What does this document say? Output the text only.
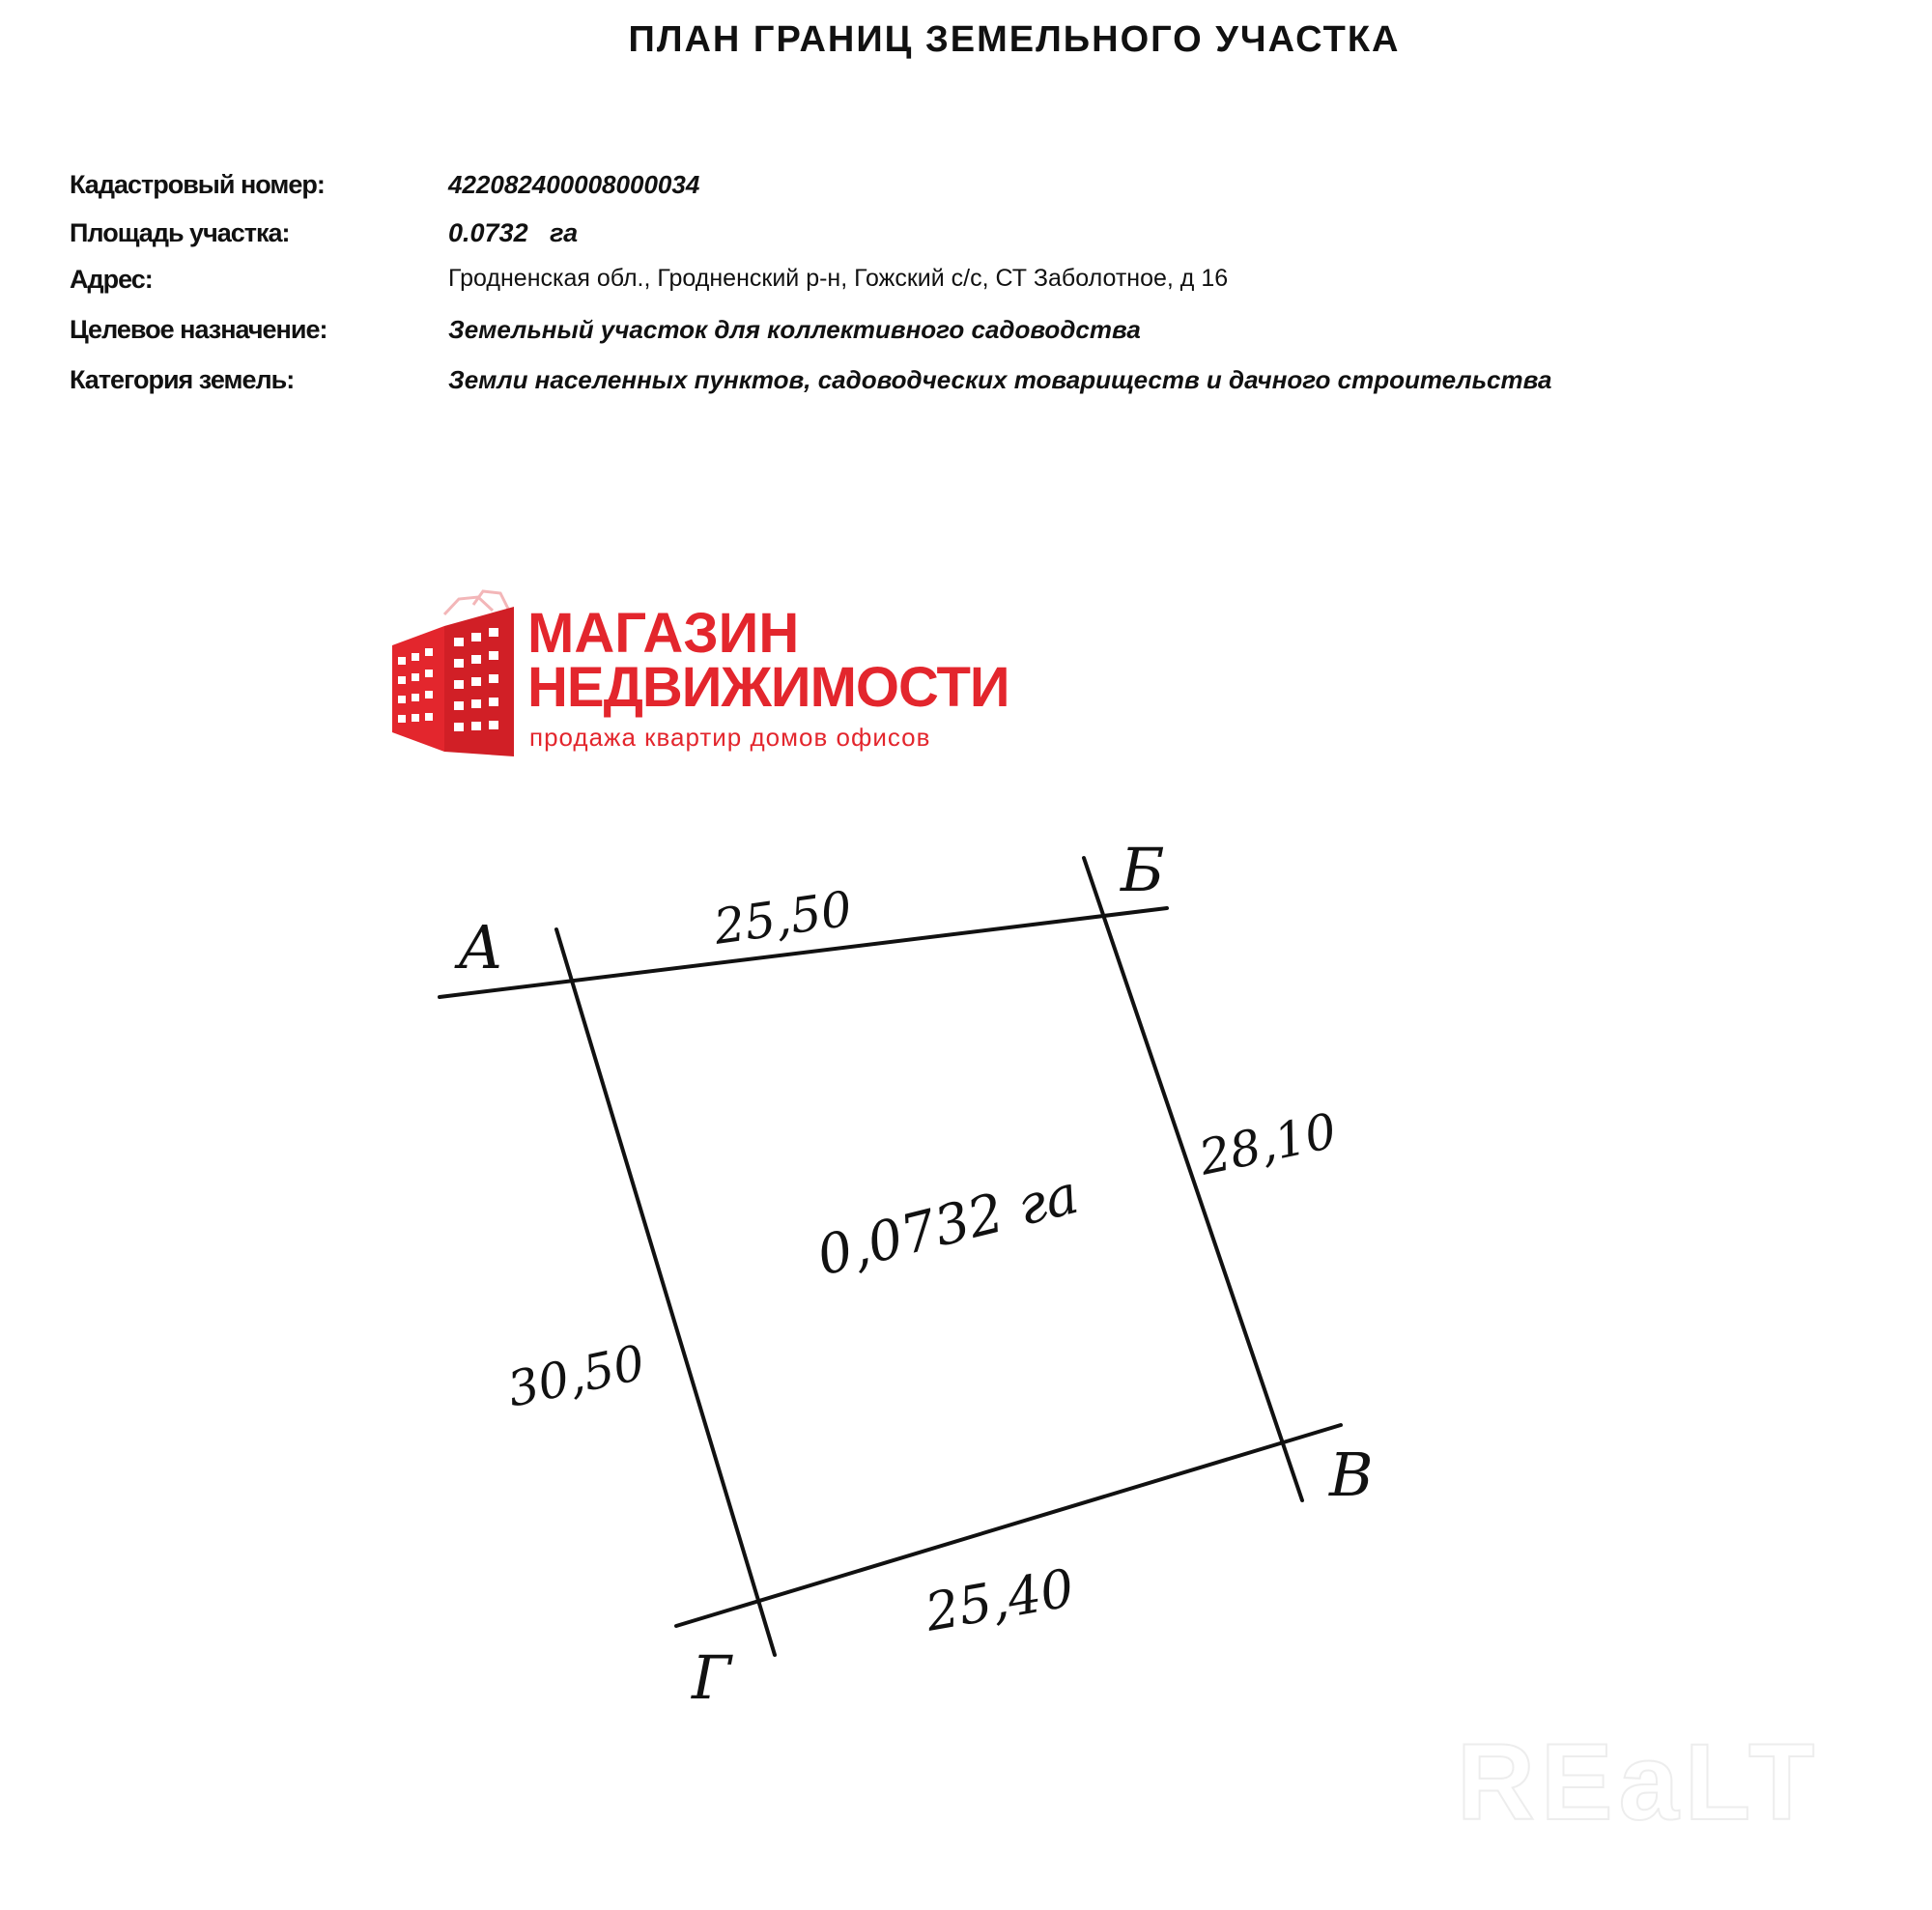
ПЛАН ГРАНИЦ ЗЕМЕЛЬНОГО УЧАСТКА
Кадастровый номер:	422082400008000034
Площадь участка:	0.0732   га
Адрес:	Гродненская обл., Гродненский р-н, Гожский с/с, СТ Заболотное, д 16
Целевое назначение:	Земельный участок для коллективного садоводства
Категория земель:	Земли населенных пунктов, садоводческих товариществ и дачного строительства
МАГАЗИН
НЕДВИЖИМОСТИ
продажа квартир домов офисов
А
Б
В
Г
25,50
28,10
25,40
30,50
0,0732 га
REaLT
